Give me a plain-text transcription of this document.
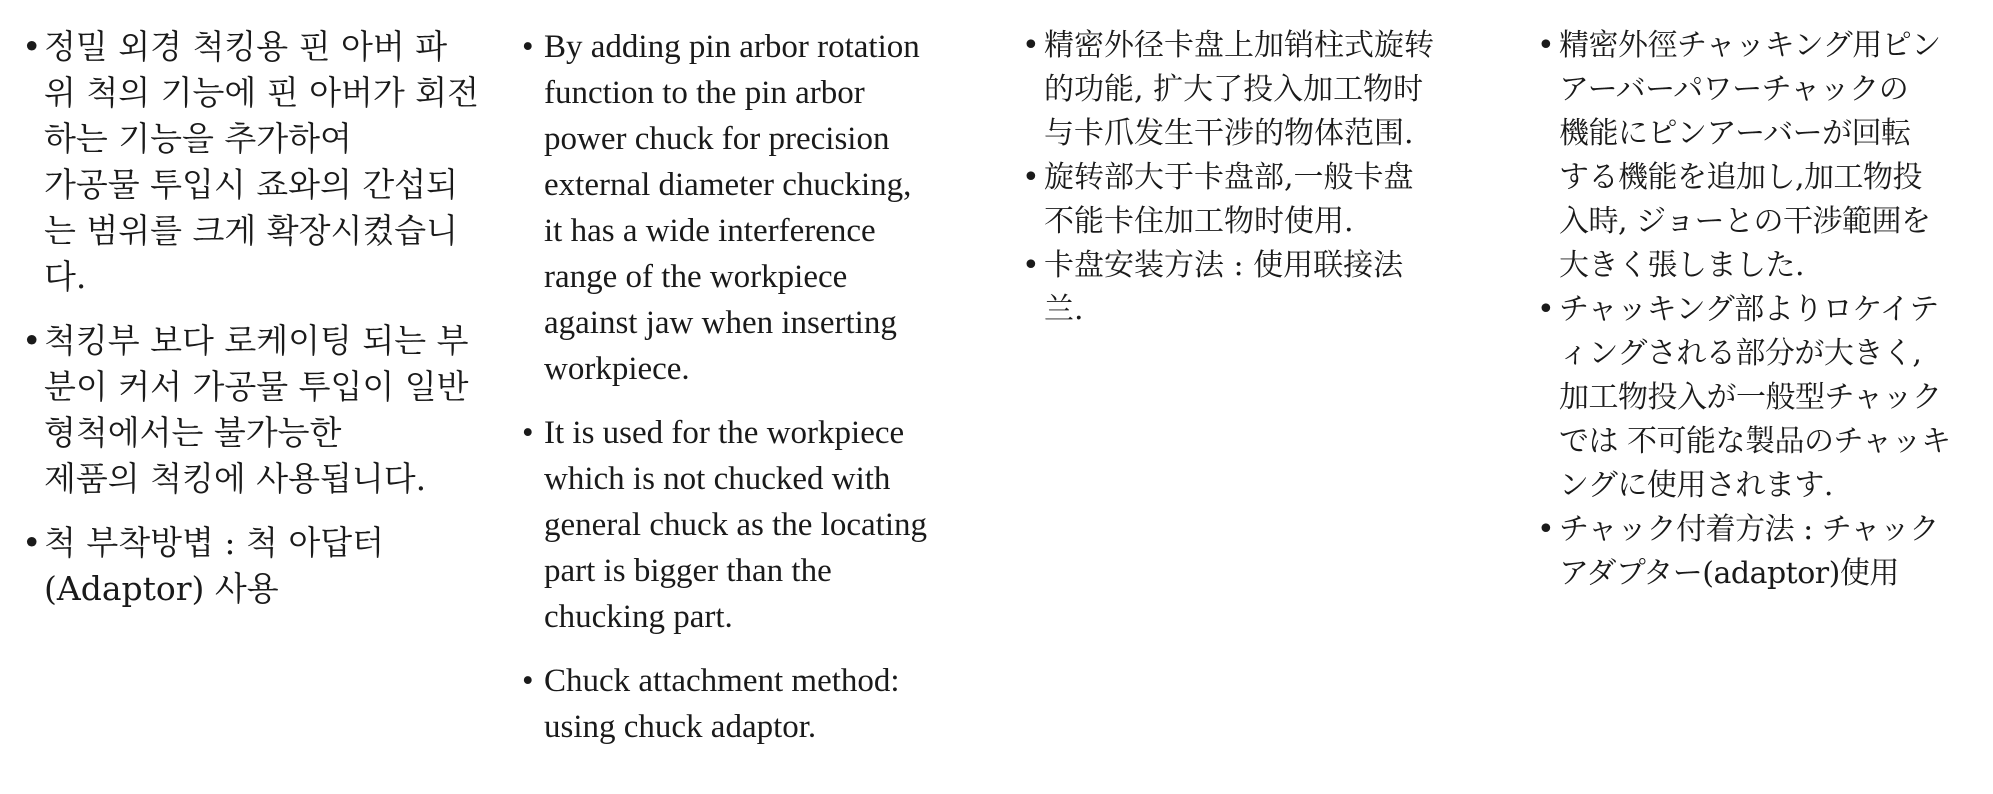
• 정밀 외경 척킹용 핀 아버 파
위 척의 기능에 핀 아버가 회전
하는 기능을 추가하여
가공물 투입시 죠와의 간섭되
는 범위를 크게 확장시켰습니
다.
• 척킹부 보다 로케이팅 되는 부
분이 커서 가공물 투입이 일반
형척에서는 불가능한
제품의 척킹에 사용됩니다.
• 척 부착방볍 : 척 아답터
(Adaptor) 사용
• By adding pin arbor rotation
function to the pin arbor
power chuck for precision
external diameter chucking,
it has a wide interference
range of the workpiece
against jaw when inserting
workpiece.
• It is used for the workpiece
which is not chucked with
general chuck as the locating
part is bigger than the
chucking part.
• Chuck attachment method:
using chuck adaptor.
• 精密外径卡盘上加销柱式旋转
的功能, 扩大了投入加工物时
与卡爪发生干涉的物体范围.
• 旋转部大于卡盘部,一般卡盘
不能卡住加工物时使用.
• 卡盘安装方法 : 使用联接法
兰.
• 精密外徑チャッキング用ピン
アーバーパワーチャックの
機能にピンアーバーが回転
する機能を追加し,加工物投
入時, ジョーとの干涉範囲を
大きく張しました.
• チャッキング部よりロケイテ
ィングされる部分が大きく,
加工物投入が一般型チャック
では 不可能な製品のチャッキ
ングに使用されます.
• チャック付着方法 : チャック
アダプター(adaptor)使用
